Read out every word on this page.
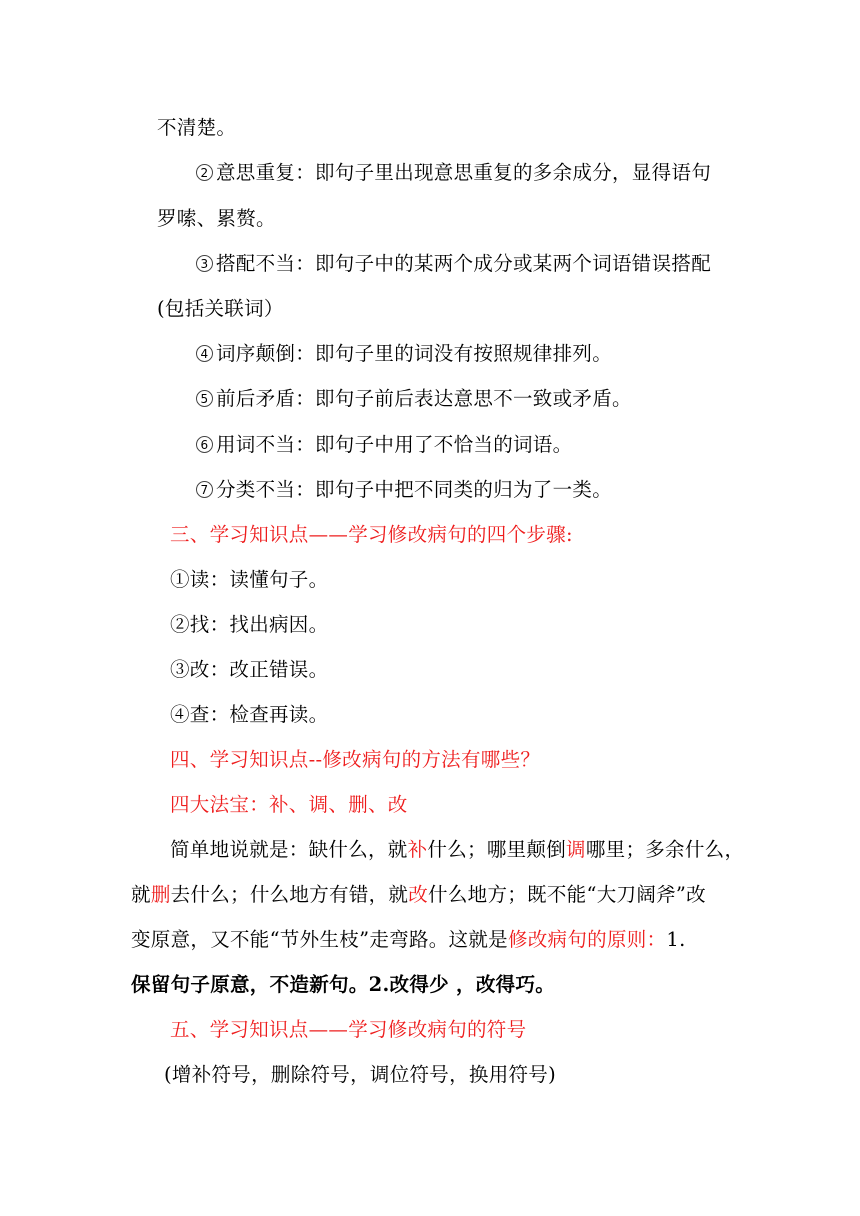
不清楚。
2 意思重复：即句子里出现意思重复的多余成分，显得语句
罗嗦、累赘。
3 搭配不当：即句子中的某两个成分或某两个词语错误搭配
(包括关联词）
4 词序颠倒：即句子里的词没有按照规律排列。
5 前后矛盾：即句子前后表达意思不一致或矛盾。
6 用词不当：即句子中用了不恰当的词语。
7 分类不当：即句子中把不同类的归为了一类。
三、学习知识点——学习修改病句的四个步骤:
①读：读懂句子。
②找：找出病因。
③改：改正错误。
④查：检查再读。
四、学习知识点--修改病句的方法有哪些？
四大法宝：补、调、删、改
简单地说就是：缺什么，就补什么；哪里颠倒调哪里；多余什么，
就删去什么；什么地方有错，就改什么地方；既不能“大刀阔斧”改
变原意，又不能“节外生枝”走弯路。这就是修改病句的原则：1.
保留句子原意，不造新句。2.改得少 ，改得巧。
五、学习知识点——学习修改病句的符号
(增补符号，删除符号，调位符号，换用符号)
